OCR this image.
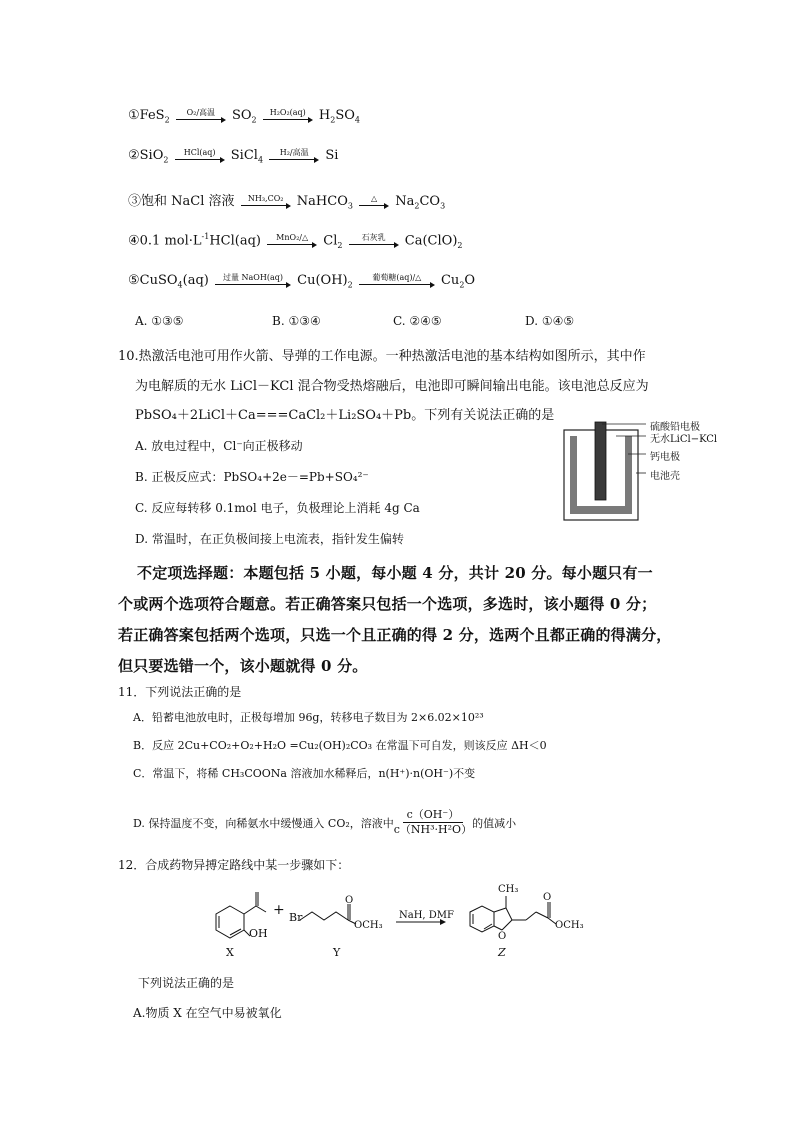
①FeS$_2$
O₂/高温 $SO_2$
H₂O₂(aq) $H_2SO_4$
②SiO$_2$
HCl(aq) SiCl$_4$
H₂/高温 Si
③饱和 NaCl 溶液 NH₃,CO₂ NaHCO$_3$
△ $Na_2CO_3$
④0.1 $mol\cdot L^{-1}HCl(aq)$ MnO₂/△ $Cl_2$
石灰乳 $Ca(ClO)_2$
⑤CuSO$_4$(aq) 过量 NaOH(aq) $Cu(OH)_2$
葡萄糖(aq)/△ $Cu_2O$
A. ①③⑤	B. ①③④	C. ②④⑤	D. ①④⑤
10.热激活电池可用作火箭、导弹的工作电源。一种热激活电池的基本结构如图所示，其中作
为电解质的无水 LiCl－KCl 混合物受热熔融后，电池即可瞬间输出电能。该电池总反应为
PbSO₄＋2LiCl＋Ca===CaCl₂＋Li₂SO₄＋Pb。下列有关说法正确的是
A. 放电过程中，Cl⁻向正极移动
B. 正极反应式：PbSO₄+2e－=Pb+SO₄²⁻
C. 反应每转移 0.1mol 电子，负极理论上消耗 4g Ca
D. 常温时，在正负极间接上电流表，指针发生偏转
硫酸铅电极
无水LiCl−KCl
钙电极
电池壳
不定项选择题：本题包括 5 小题，每小题 4 分，共计 20 分。每小题只有一
个或两个选项符合题意。若正确答案只包括一个选项，多选时，该小题得 0 分；
若正确答案包括两个选项，只选一个且正确的得 2 分，选两个且都正确的得满分，
但只要选错一个，该小题就得 0 分。
11．下列说法正确的是
A．铅蓄电池放电时，正极每增加 96g，转移电子数目为 2×6.02×10²³
B．反应 2Cu+CO₂+O₂+H₂O =Cu₂(OH)₂CO₃ 在常温下可自发，则该反应 ΔH＜0
C．常温下，将稀 CH₃COONa 溶液加水稀释后，n(H⁺)·n(OH⁻)不变
D. 保持温度不变，向稀氨水中缓慢通入 CO₂，溶液中 $\frac{c(OH^-)}{\text{c（NH³·H²O）}}$ 的值减小
12．合成药物异搏定路线中某一步骤如下：
OH
+ Br
O
OCH₃
NaH, DMF
O
CH₃
O
OCH₃
X	Y	Z
下列说法正确的是
A.物质 X 在空气中易被氧化
